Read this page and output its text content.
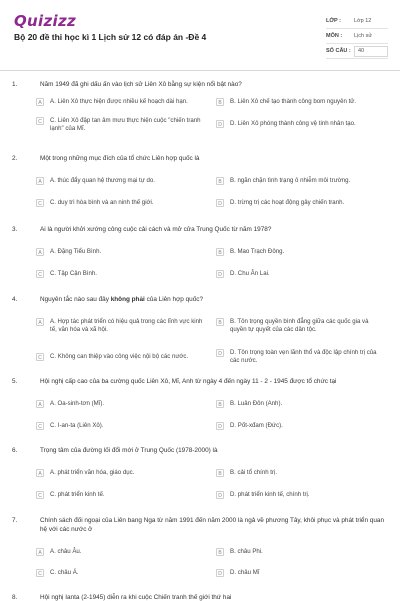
Quizizz
Bộ 20 đề thi học kì 1 Lịch sử 12 có đáp án -Đề 4
LỚP :	Lớp 12
MÔN :	Lịch sử
SỐ CÂU :	40
1.	Năm 1949 đã ghi dấu ấn vào lịch sử Liên Xô bằng sự kiện nổi bật nào?
A	A. Liên Xô thực hiện được nhiều kế hoạch dài hạn.	B	B. Liên Xô chế tạo thành công bom nguyên tử.
C	C. Liên Xô đập tan âm mưu thực hiện cuộc "chiến tranh lạnh" của Mĩ.
D	D. Liên Xô phóng thành công vệ tinh nhân tạo.
2.	Một trong những mục đích của tổ chức Liên hợp quốc là
A	A. thúc đẩy quan hệ thương mại tự do.	B	B. ngăn chặn tình trạng ô nhiễm môi trường.
C	C. duy trì hòa bình và an ninh thế giới.	D	D. trừng trị các hoạt động gây chiến tranh.
3.	Ai là người khởi xướng công cuộc cải cách và mở cửa Trung Quốc từ năm 1978?
A	A. Đặng Tiểu Bình.	B	B. Mao Trạch Đông.
C	C. Tập Cận Bình.	D	D. Chu Ân Lai.
4.	Nguyên tắc nào sau đây không phải của Liên hợp quốc?
A	A. Hợp tác phát triển có hiệu quả trong các lĩnh vực kinh tế, văn hóa và xã hội.
B	B. Tôn trọng quyền bình đẳng giữa các quốc gia và quyền tự quyết của các dân tộc.
C	C. Không can thiệp vào công việc nội bộ các nước.	D	D. Tôn trọng toàn vẹn lãnh thổ và độc lập chính trị của các nước.
5.	Hội nghị cấp cao của ba cường quốc Liên Xô, Mĩ, Anh từ ngày 4 đến ngày 11 - 2 - 1945 được tổ chức tại
A	A. Oa-sinh-tơn (Mĩ).	B	B. Luân Đôn (Anh).
C	C. I-an-ta (Liên Xô).	D	D. Pốt-xđam (Đức).
6.	Trọng tâm của đường lối đổi mới ở Trung Quốc (1978-2000) là
A	A. phát triển văn hóa, giáo dục.	B	B. cải tổ chính trị.
C	C. phát triển kinh tế.	D	D. phát triển kinh tế, chính trị.
7.	Chính sách đối ngoại của Liên bang Nga từ năm 1991 đến năm 2000 là ngả về phương Tây, khôi phục và phát triển quan hệ với các nước ở
A	A. châu Âu.	B	B. châu Phi.
C	C. châu Á.	D	D. châu Mĩ
8.	Hội nghị Ianta (2-1945) diễn ra khi cuộc Chiến tranh thế giới thứ hai
